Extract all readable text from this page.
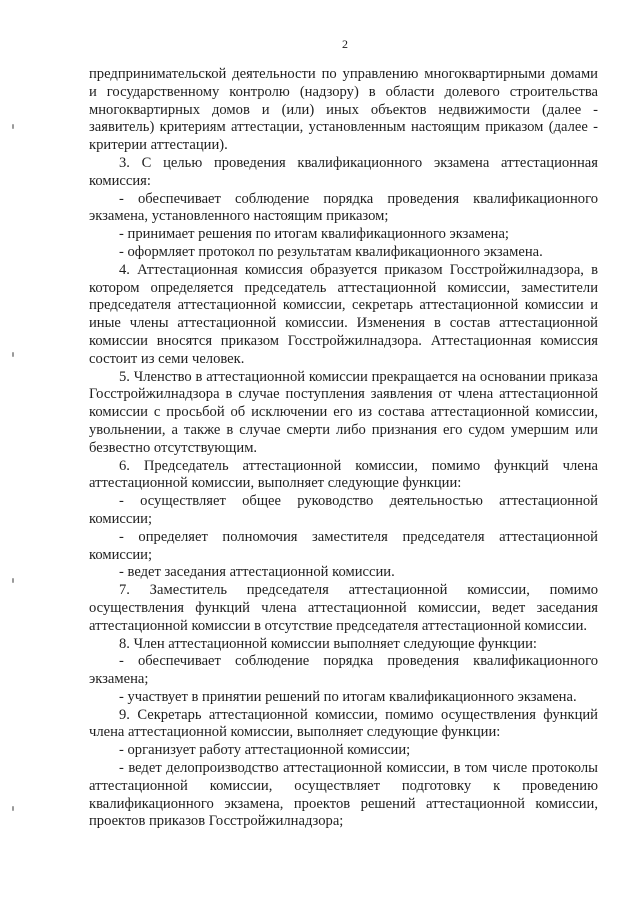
2

предпринимательской деятельности по управлению многоквартирными домами и государственному контролю (надзору) в области долевого строительства многоквартирных домов и (или) иных объектов недвижимости (далее - заявитель) критериям аттестации, установленным настоящим приказом (далее - критерии аттестации).

3. С целью проведения квалификационного экзамена аттестационная комиссия:

- обеспечивает соблюдение порядка проведения квалификационного экзамена, установленного настоящим приказом;

- принимает решения по итогам квалификационного экзамена;

- оформляет протокол по результатам квалификационного экзамена.

4. Аттестационная комиссия образуется приказом Госстройжилнадзора, в котором определяется председатель аттестационной комиссии, заместители председателя аттестационной комиссии, секретарь аттестационной комиссии и иные члены аттестационной комиссии. Изменения в состав аттестационной комиссии вносятся приказом Госстройжилнадзора. Аттестационная комиссия состоит из семи человек.

5. Членство в аттестационной комиссии прекращается на основании приказа Госстройжилнадзора в случае поступления заявления от члена аттестационной комиссии с просьбой об исключении его из состава аттестационной комиссии, увольнении, а также в случае смерти либо признания его судом умершим или безвестно отсутствующим.

6. Председатель аттестационной комиссии, помимо функций члена аттестационной комиссии, выполняет следующие функции:

- осуществляет общее руководство деятельностью аттестационной комиссии;

- определяет полномочия заместителя председателя аттестационной комиссии;

- ведет заседания аттестационной комиссии.

7. Заместитель председателя аттестационной комиссии, помимо осуществления функций члена аттестационной комиссии, ведет заседания аттестационной комиссии в отсутствие председателя аттестационной комиссии.

8. Член аттестационной комиссии выполняет следующие функции:

- обеспечивает соблюдение порядка проведения квалификационного экзамена;

- участвует в принятии решений по итогам квалификационного экзамена.

9. Секретарь аттестационной комиссии, помимо осуществления функций члена аттестационной комиссии, выполняет следующие функции:

- организует работу аттестационной комиссии;

- ведет делопроизводство аттестационной комиссии, в том числе протоколы аттестационной комиссии, осуществляет подготовку к проведению квалификационного экзамена, проектов решений аттестационной комиссии, проектов приказов Госстройжилнадзора;
